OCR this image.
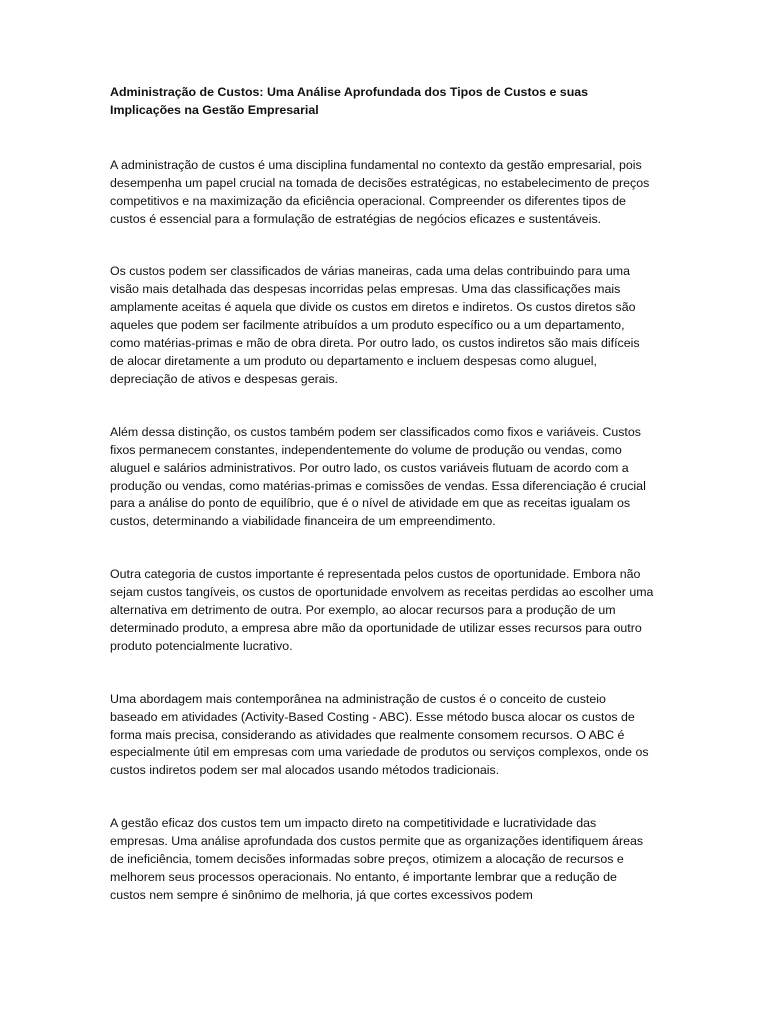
Administração de Custos: Uma Análise Aprofundada dos Tipos de Custos e suas Implicações na Gestão Empresarial

A administração de custos é uma disciplina fundamental no contexto da gestão empresarial, pois desempenha um papel crucial na tomada de decisões estratégicas, no estabelecimento de preços competitivos e na maximização da eficiência operacional. Compreender os diferentes tipos de custos é essencial para a formulação de estratégias de negócios eficazes e sustentáveis.

Os custos podem ser classificados de várias maneiras, cada uma delas contribuindo para uma visão mais detalhada das despesas incorridas pelas empresas. Uma das classificações mais amplamente aceitas é aquela que divide os custos em diretos e indiretos. Os custos diretos são aqueles que podem ser facilmente atribuídos a um produto específico ou a um departamento, como matérias-primas e mão de obra direta. Por outro lado, os custos indiretos são mais difíceis de alocar diretamente a um produto ou departamento e incluem despesas como aluguel, depreciação de ativos e despesas gerais.

Além dessa distinção, os custos também podem ser classificados como fixos e variáveis. Custos fixos permanecem constantes, independentemente do volume de produção ou vendas, como aluguel e salários administrativos. Por outro lado, os custos variáveis flutuam de acordo com a produção ou vendas, como matérias-primas e comissões de vendas. Essa diferenciação é crucial para a análise do ponto de equilíbrio, que é o nível de atividade em que as receitas igualam os custos, determinando a viabilidade financeira de um empreendimento.

Outra categoria de custos importante é representada pelos custos de oportunidade. Embora não sejam custos tangíveis, os custos de oportunidade envolvem as receitas perdidas ao escolher uma alternativa em detrimento de outra. Por exemplo, ao alocar recursos para a produção de um determinado produto, a empresa abre mão da oportunidade de utilizar esses recursos para outro produto potencialmente lucrativo.

Uma abordagem mais contemporânea na administração de custos é o conceito de custeio baseado em atividades (Activity-Based Costing - ABC). Esse método busca alocar os custos de forma mais precisa, considerando as atividades que realmente consomem recursos. O ABC é especialmente útil em empresas com uma variedade de produtos ou serviços complexos, onde os custos indiretos podem ser mal alocados usando métodos tradicionais.

A gestão eficaz dos custos tem um impacto direto na competitividade e lucratividade das empresas. Uma análise aprofundada dos custos permite que as organizações identifiquem áreas de ineficiência, tomem decisões informadas sobre preços, otimizem a alocação de recursos e melhorem seus processos operacionais. No entanto, é importante lembrar que a redução de custos nem sempre é sinônimo de melhoria, já que cortes excessivos podem
